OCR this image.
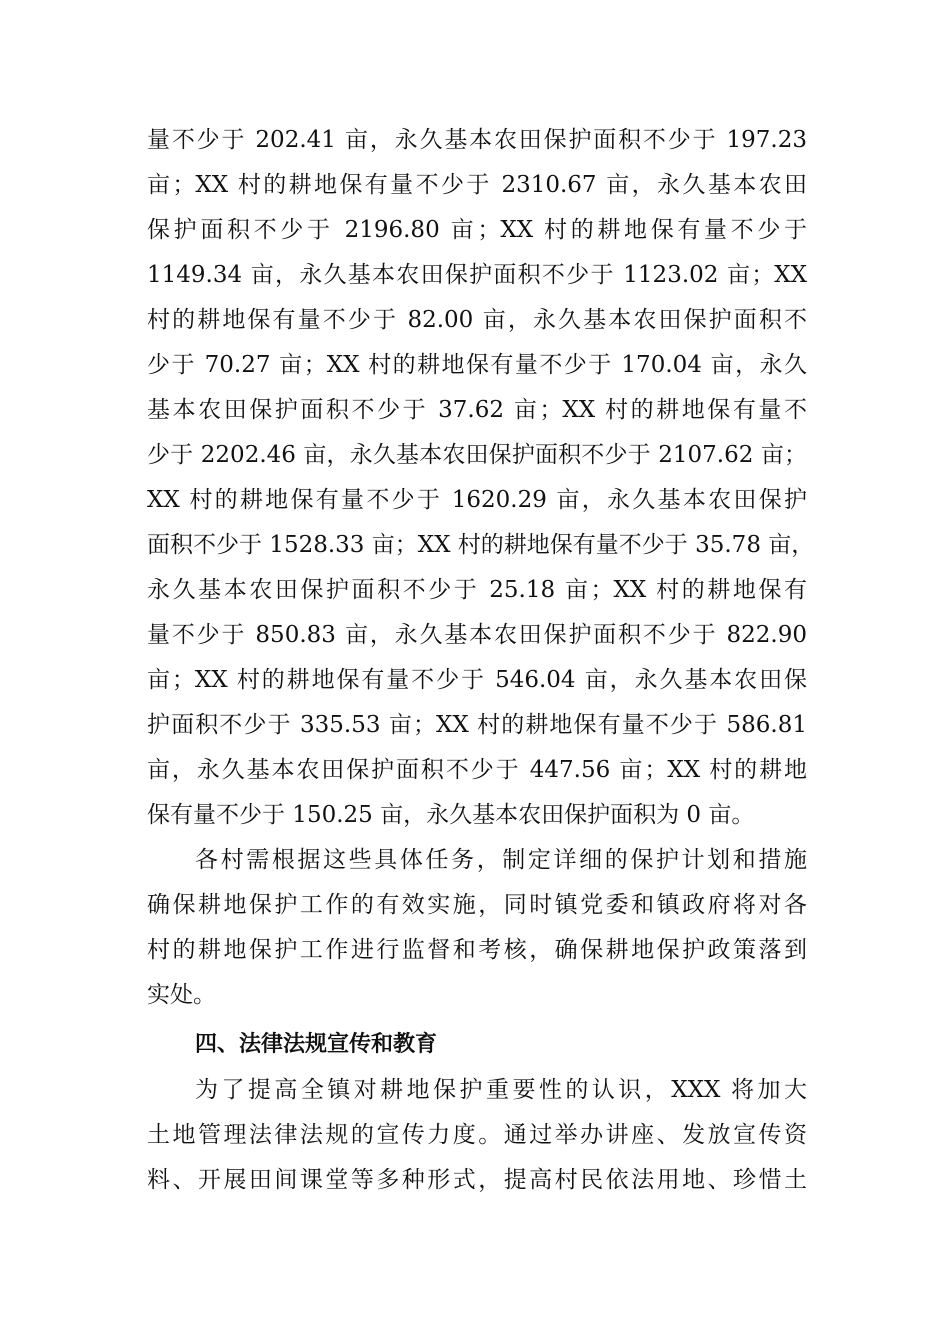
量不少于 202.41 亩，永久基本农田保护面积不少于 197.23
亩；XX 村的耕地保有量不少于 2310.67 亩，永久基本农田
保护面积不少于 2196.80 亩；XX 村的耕地保有量不少于
1149.34 亩，永久基本农田保护面积不少于 1123.02 亩；XX
村的耕地保有量不少于 82.00 亩，永久基本农田保护面积不
少于 70.27 亩；XX 村的耕地保有量不少于 170.04 亩，永久
基本农田保护面积不少于 37.62 亩；XX 村的耕地保有量不
少于 2202.46 亩，永久基本农田保护面积不少于 2107.62 亩；
XX 村的耕地保有量不少于 1620.29 亩，永久基本农田保护
面积不少于 1528.33 亩；XX 村的耕地保有量不少于 35.78 亩，
永久基本农田保护面积不少于 25.18 亩；XX 村的耕地保有
量不少于 850.83 亩，永久基本农田保护面积不少于 822.90
亩；XX 村的耕地保有量不少于 546.04 亩，永久基本农田保
护面积不少于 335.53 亩；XX 村的耕地保有量不少于 586.81
亩，永久基本农田保护面积不少于 447.56 亩；XX 村的耕地
保有量不少于 150.25 亩，永久基本农田保护面积为 0 亩。
各村需根据这些具体任务，制定详细的保护计划和措施
确保耕地保护工作的有效实施，同时镇党委和镇政府将对各
村的耕地保护工作进行监督和考核，确保耕地保护政策落到
实处。
四、法律法规宣传和教育
为了提高全镇对耕地保护重要性的认识，XXX 将加大
土地管理法律法规的宣传力度。通过举办讲座、发放宣传资
料、开展田间课堂等多种形式，提高村民依法用地、珍惜土
